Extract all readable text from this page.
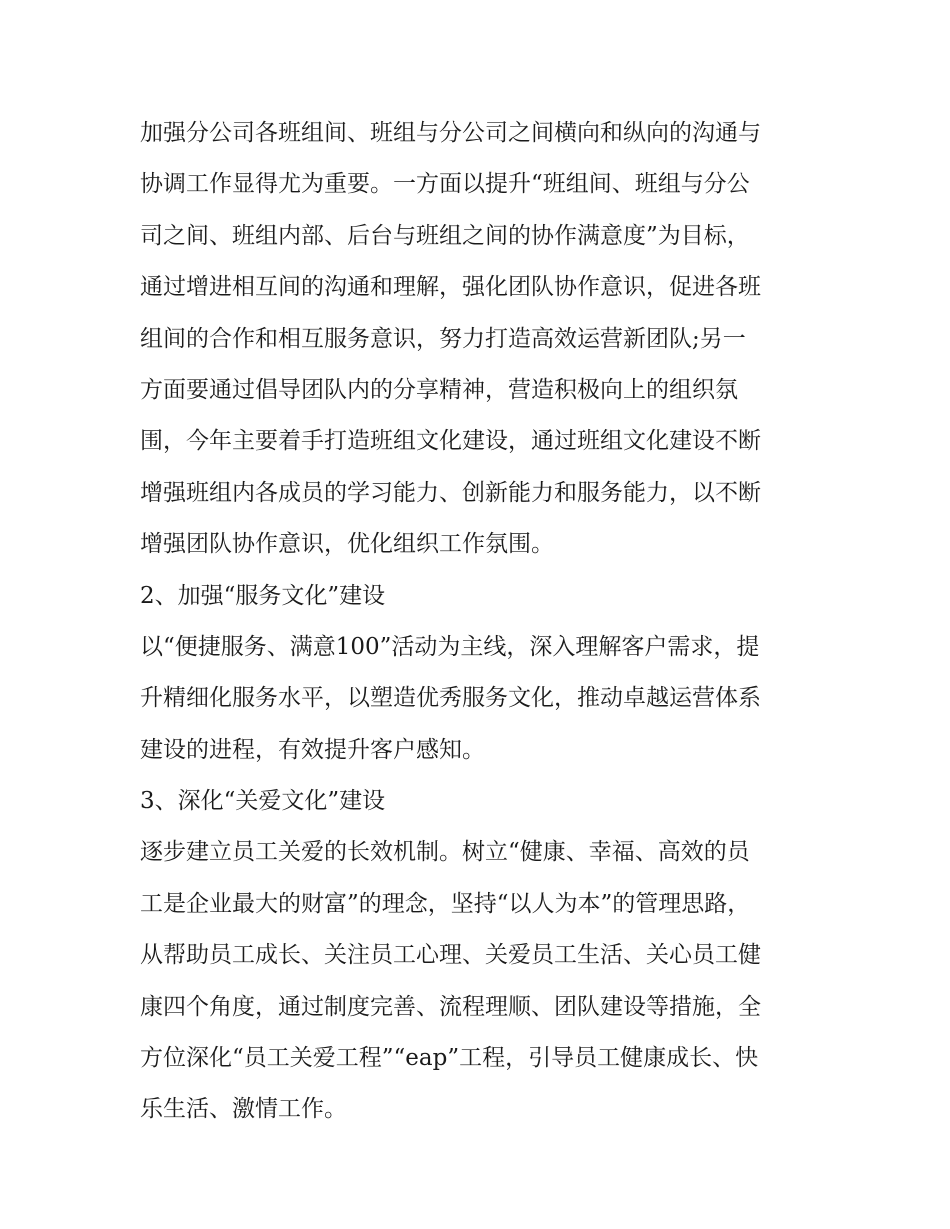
加强分公司各班组间、班组与分公司之间横向和纵向的沟通与
协调工作显得尤为重要。一方面以提升“班组间、班组与分公
司之间、班组内部、后台与班组之间的协作满意度”为目标，
通过增进相互间的沟通和理解，强化团队协作意识，促进各班
组间的合作和相互服务意识，努力打造高效运营新团队;另一
方面要通过倡导团队内的分享精神，营造积极向上的组织氛
围，今年主要着手打造班组文化建设，通过班组文化建设不断
增强班组内各成员的学习能力、创新能力和服务能力，以不断
增强团队协作意识，优化组织工作氛围。
2、加强“服务文化”建设
以“便捷服务、满意100”活动为主线，深入理解客户需求，提
升精细化服务水平，以塑造优秀服务文化，推动卓越运营体系
建设的进程，有效提升客户感知。
3、深化“关爱文化”建设
逐步建立员工关爱的长效机制。树立“健康、幸福、高效的员
工是企业最大的财富”的理念，坚持“以人为本”的管理思路，
从帮助员工成长、关注员工心理、关爱员工生活、关心员工健
康四个角度，通过制度完善、流程理顺、团队建设等措施，全
方位深化“员工关爱工程”“eap”工程，引导员工健康成长、快
乐生活、激情工作。
